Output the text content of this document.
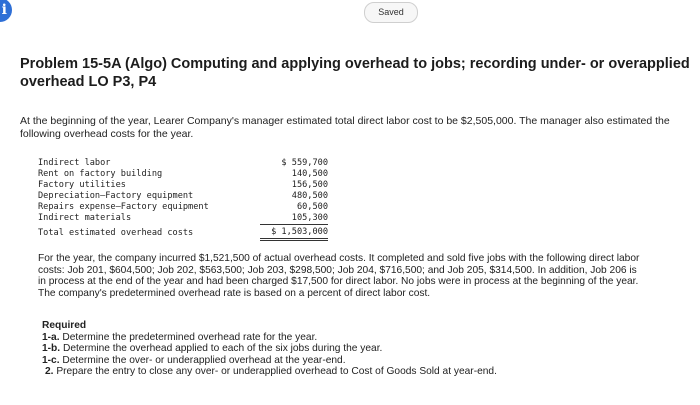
i	Saved
Problem 15-5A (Algo) Computing and applying overhead to jobs; recording under- or overapplied overhead LO P3, P4

At the beginning of the year, Learer Company's manager estimated total direct labor cost to be $2,505,000. The manager also estimated the following overhead costs for the year.

Indirect labor	$ 559,700
Rent on factory building	140,500
Factory utilities	156,500
Depreciation—Factory equipment	480,500
Repairs expense—Factory equipment	60,500
Indirect materials	105,300
Total estimated overhead costs	$ 1,503,000
For the year, the company incurred $1,521,500 of actual overhead costs. It completed and sold five jobs with the following direct labor
costs: Job 201, $604,500; Job 202, $563,500; Job 203, $298,500; Job 204, $716,500; and Job 205, $314,500. In addition, Job 206 is
in process at the end of the year and had been charged $17,500 for direct labor. No jobs were in process at the beginning of the year.
The company's predetermined overhead rate is based on a percent of direct labor cost.
Required
1-a. Determine the predetermined overhead rate for the year.
1-b. Determine the overhead applied to each of the six jobs during the year.
1-c. Determine the over- or underapplied overhead at the year-end.
2. Prepare the entry to close any over- or underapplied overhead to Cost of Goods Sold at year-end.
